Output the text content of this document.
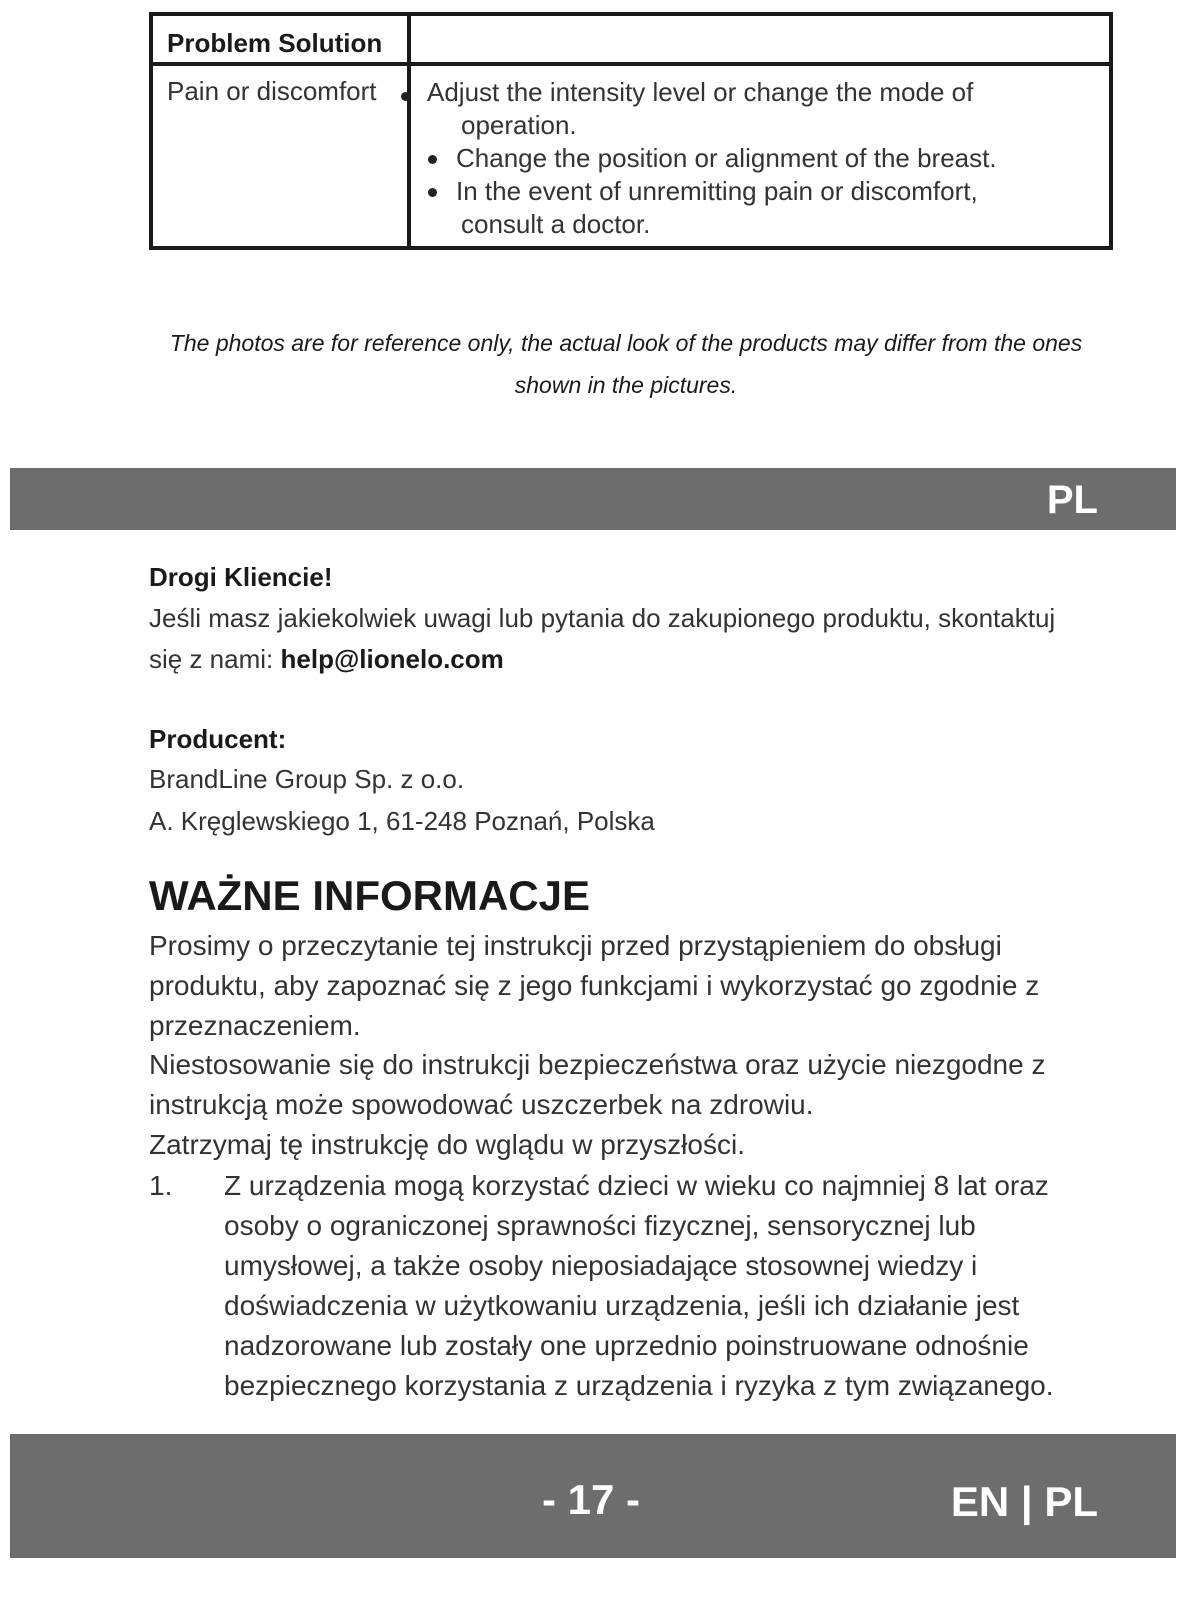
Problem Solution
Pain or discomfort	Adjust the intensity level or change the mode of
operation.
Change the position or alignment of the breast.
In the event of unremitting pain or discomfort,
consult a doctor.
The photos are for reference only, the actual look of the products may differ from the ones
shown in the pictures.
PL
Drogi Kliencie!
Jeśli masz jakiekolwiek uwagi lub pytania do zakupionego produktu, skontaktuj
się z nami: help@lionelo.com
Producent:
BrandLine Group Sp. z o.o.
A. Kręglewskiego 1, 61-248 Poznań, Polska
WAŻNE INFORMACJE
Prosimy o przeczytanie tej instrukcji przed przystąpieniem do obsługi produktu, aby zapoznać się z jego funkcjami i wykorzystać go zgodnie z przeznaczeniem.
Niestosowanie się do instrukcji bezpieczeństwa oraz użycie niezgodne z instrukcją może spowodować uszczerbek na zdrowiu.
Zatrzymaj tę instrukcję do wglądu w przyszłości.
1. Z urządzenia mogą korzystać dzieci w wieku co najmniej 8 lat oraz osoby o ograniczonej sprawności fizycznej, sensorycznej lub umysłowej, a także osoby nieposiadające stosownej wiedzy i doświadczenia w użytkowaniu urządzenia, jeśli ich działanie jest nadzorowane lub zostały one uprzednio poinstruowane odnośnie bezpiecznego korzystania z urządzenia i ryzyka z tym związanego.
- 17 -	EN | PL
